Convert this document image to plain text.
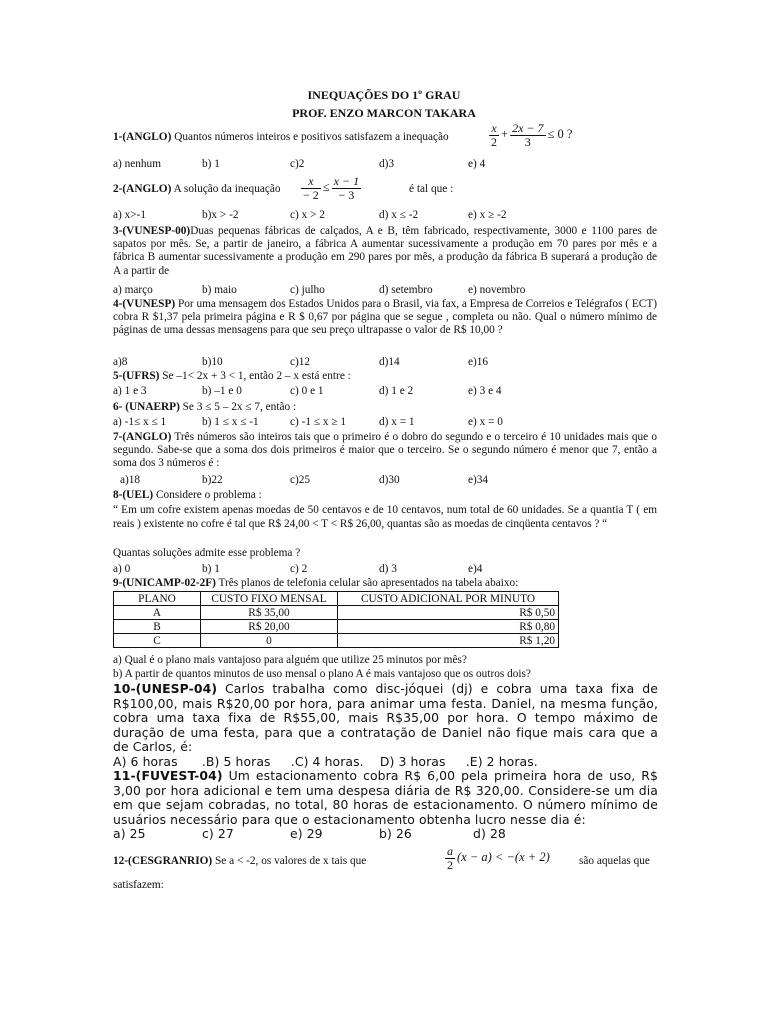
INEQUAÇÕES DO 1º GRAU
PROF. ENZO MARCON TAKARA
1-(ANGLO) Quantos números inteiros e positivos satisfazem a inequação	$\frac{x}{2} + \frac{2x - 7}{3} \le 0$ ?
a) nenhum	b) 1	c)2	d)3	e) 4
2-(ANGLO) A solução da inequação $\frac{x}{- 2} \le \frac{x - 1}{- 3}$	é tal que :
a) x>-1	b)x > -2	c) x > 2	d) x ≤ -2	e) x ≥ -2
3-(VUNESP-00)Duas pequenas fábricas de calçados, A e B, têm fabricado, respectivamente, 3000 e 1100 pares de sapatos por mês. Se, a partir de janeiro, a fábrica A aumentar sucessivamente a produção em 70 pares por mês e a fábrica B aumentar sucessivamente a produção em 290 pares por mês, a produção da fábrica B superará a produção de A a partir de
a) março	b) maio	c) julho	d) setembro	e) novembro
4-(VUNESP) Por uma mensagem dos Estados Unidos para o Brasil, via fax, a Empresa de Correios e Telégrafos ( ECT) cobra R $1,37 pela primeira página e R $ 0,67 por página que se segue , completa ou não. Qual o número mínimo de páginas de uma dessas mensagens para que seu preço ultrapasse o valor de R$ 10,00 ?
a)8	b)10	c)12	d)14	e)16
5-(UFRS) Se –1< 2x + 3 < 1, então 2 – x está entre :
a) 1 e 3	b) –1 e 0	c) 0 e 1	d) 1 e 2	e) 3 e 4
6- (UNAERP) Se 3 ≤ 5 – 2x ≤ 7, então :
a) -1≤ x ≤ 1	b) 1 ≤ x ≤ -1	c) -1 ≤ x ≥ 1	d) x = 1	e) x = 0
7-(ANGLO) Três números são inteiros tais que o primeiro é o dobro do segundo e o terceiro é 10 unidades mais que o segundo. Sabe-se que a soma dos dois primeiros é maior que o terceiro. Se o segundo número é menor que 7, então a soma dos 3 números é :
a)18	b)22	c)25	d)30	e)34
8-(UEL) Considere o problema :
“ Em um cofre existem apenas moedas de 50 centavos e de 10 centavos, num total de 60 unidades. Se a quantia T ( em reais ) existente no cofre é tal que R$ 24,00 < T < R$ 26,00, quantas são as moedas de cinqüenta centavos ? “
Quantas soluções admite esse problema ?
a) 0	b) 1	c) 2	d) 3	e)4
9-(UNICAMP-02-2F) Três planos de telefonia celular são apresentados na tabela abaixo:
PLANO	CUSTO FIXO MENSAL	CUSTO ADICIONAL POR MINUTO
A	R$ 35,00	R$ 0,50
B	R$ 20,00	R$ 0,80
C	0	R$ 1,20
a) Qual é o plano mais vantajoso para alguém que utilize 25 minutos por mês?
b) A partir de quantos minutos de uso mensal o plano A é mais vantajoso que os outros dois?
10-(UNESP-04) Carlos trabalha como disc-jóquei (dj) e cobra uma taxa fixa de R$100,00, mais R$20,00 por hora, para animar uma festa. Daniel, na mesma função, cobra uma taxa fixa de R$55,00, mais R$35,00 por hora. O tempo máximo de duração de uma festa, para que a contratação de Daniel não fique mais cara que a de Carlos, é:
A) 6 horas      .B) 5 horas     .C) 4 horas.    D) 3 horas     .E) 2 horas.
11-(FUVEST-04) Um estacionamento cobra R$ 6,00 pela primeira hora de uso, R$ 3,00 por hora adicional e tem uma despesa diária de R$ 320,00. Considere-se um dia em que sejam cobradas, no total, 80 horas de estacionamento. O número mínimo de usuários necessário para que o estacionamento obtenha lucro nesse dia é:
a) 25	c) 27	e) 29	b) 26	d) 28
12-(CESGRANRIO) Se a < -2, os valores de x tais que	$\frac{a}{2} (x - a) < -(x + 2)$	são aquelas que
satisfazem:
